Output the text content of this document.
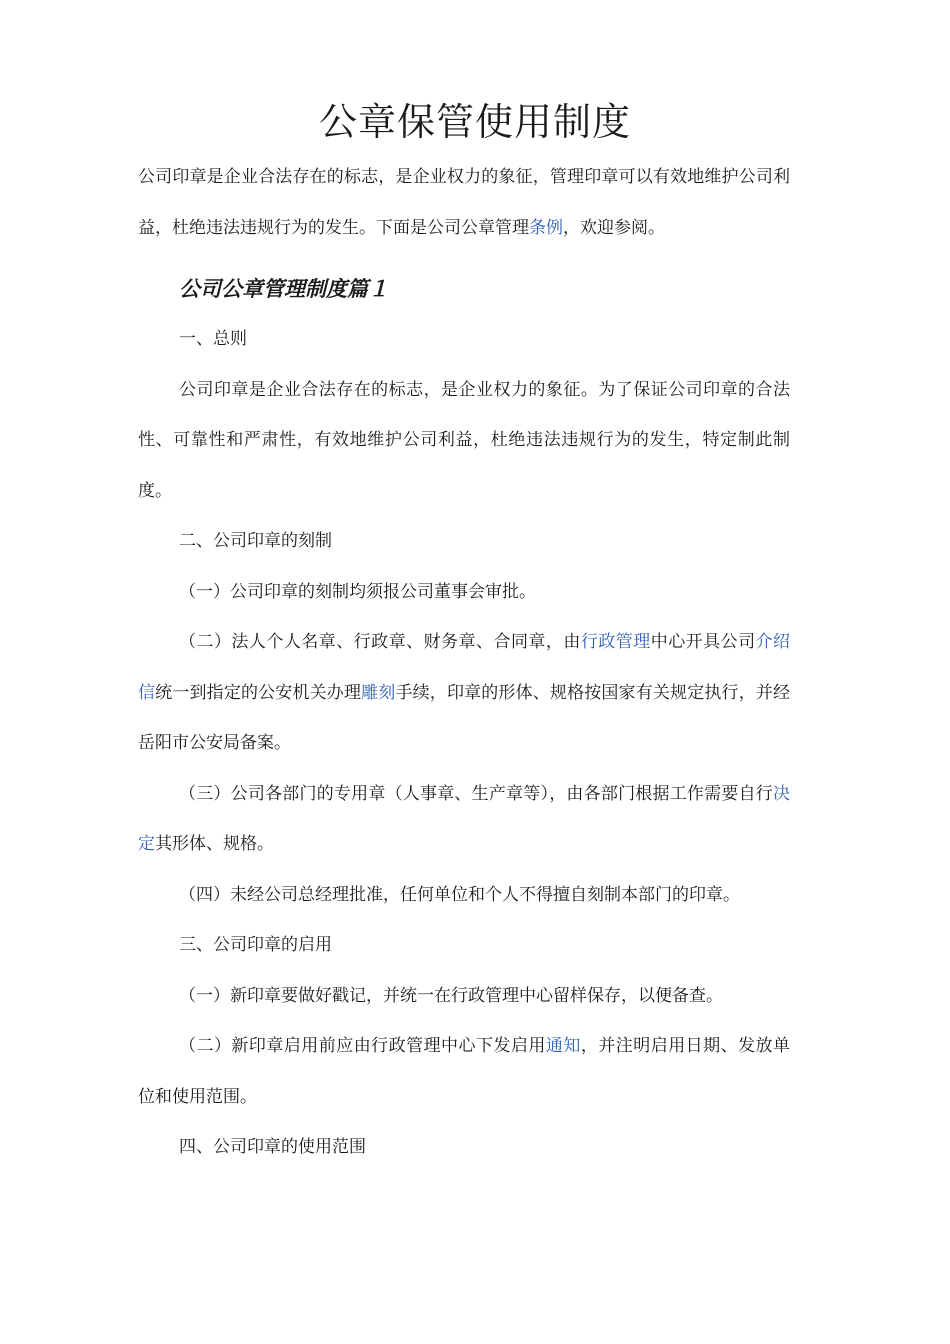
公章保管使用制度

公司印章是企业合法存在的标志，是企业权力的象征，管理印章可以有效地维护公司利益，杜绝违法违规行为的发生。下面是公司公章管理条例，欢迎参阅。

公司公章管理制度篇１

一、总则

公司印章是企业合法存在的标志，是企业权力的象征。为了保证公司印章的合法性、可靠性和严肃性，有效地维护公司利益，杜绝违法违规行为的发生，特定制此制度。

二、公司印章的刻制

（一）公司印章的刻制均须报公司董事会审批。

（二）法人个人名章、行政章、财务章、合同章，由行政管理中心开具公司介绍信统一到指定的公安机关办理雕刻手续，印章的形体、规格按国家有关规定执行，并经岳阳市公安局备案。

（三）公司各部门的专用章（人事章、生产章等），由各部门根据工作需要自行决定其形体、规格。

（四）未经公司总经理批准，任何单位和个人不得擅自刻制本部门的印章。

三、公司印章的启用

（一）新印章要做好戳记，并统一在行政管理中心留样保存，以便备查。

（二）新印章启用前应由行政管理中心下发启用通知，并注明启用日期、发放单位和使用范围。

四、公司印章的使用范围
